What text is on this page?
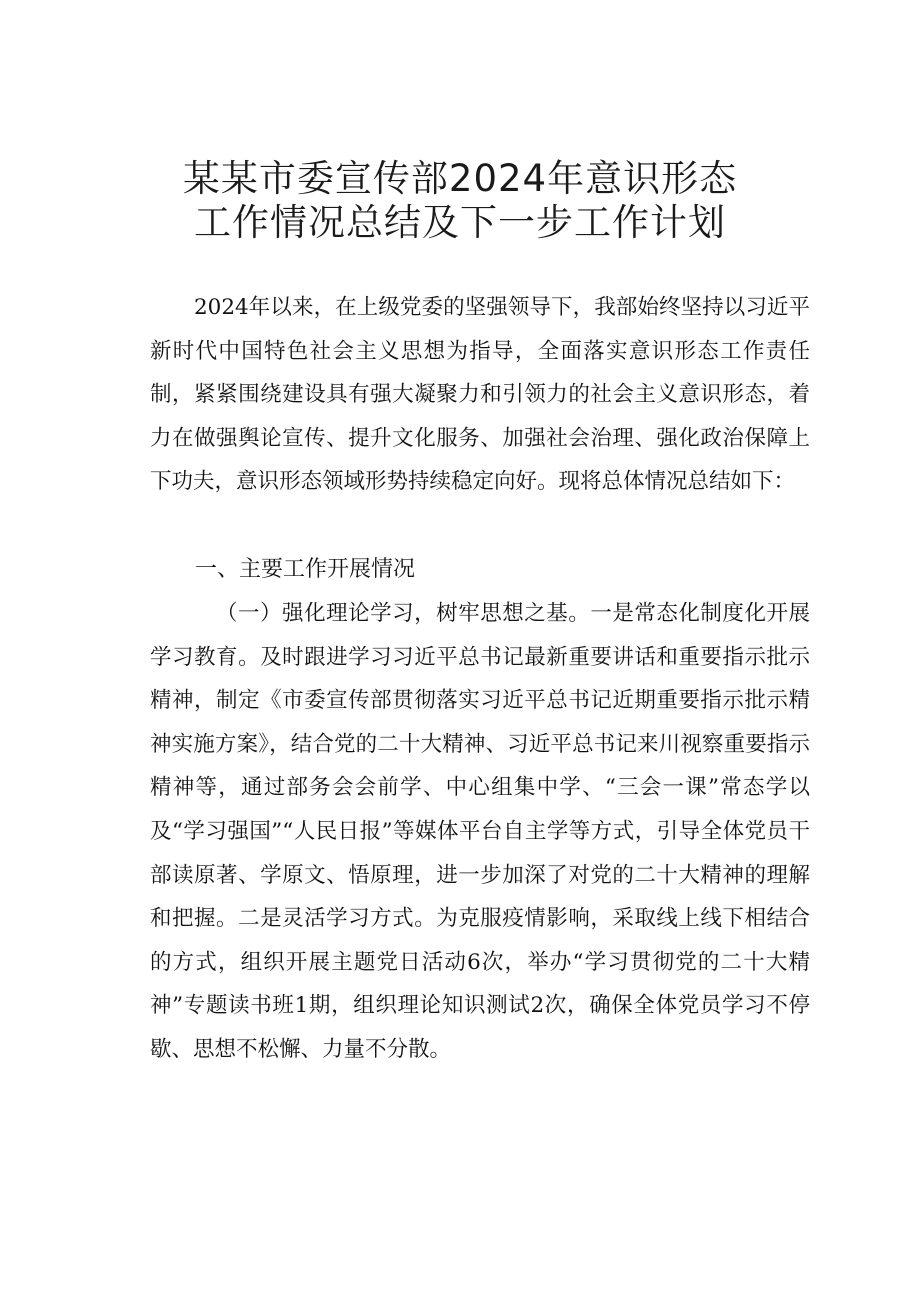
某某市委宣传部2024年意识形态
工作情况总结及下一步工作计划

2024年以来，在上级党委的坚强领导下，我部始终坚持以习近平新时代中国特色社会主义思想为指导，全面落实意识形态工作责任制，紧紧围绕建设具有强大凝聚力和引领力的社会主义意识形态，着力在做强舆论宣传、提升文化服务、加强社会治理、强化政治保障上下功夫，意识形态领域形势持续稳定向好。现将总体情况总结如下：

一、主要工作开展情况

（一）强化理论学习，树牢思想之基。一是常态化制度化开展学习教育。及时跟进学习习近平总书记最新重要讲话和重要指示批示精神，制定《市委宣传部贯彻落实习近平总书记近期重要指示批示精神实施方案》，结合党的二十大精神、习近平总书记来川视察重要指示精神等，通过部务会会前学、中心组集中学、“三会一课”常态学以及“学习强国”“人民日报”等媒体平台自主学等方式，引导全体党员干部读原著、学原文、悟原理，进一步加深了对党的二十大精神的理解和把握。二是灵活学习方式。为克服疫情影响，采取线上线下相结合的方式，组织开展主题党日活动6次，举办“学习贯彻党的二十大精神”专题读书班1期，组织理论知识测试2次，确保全体党员学习不停歇、思想不松懈、力量不分散。
